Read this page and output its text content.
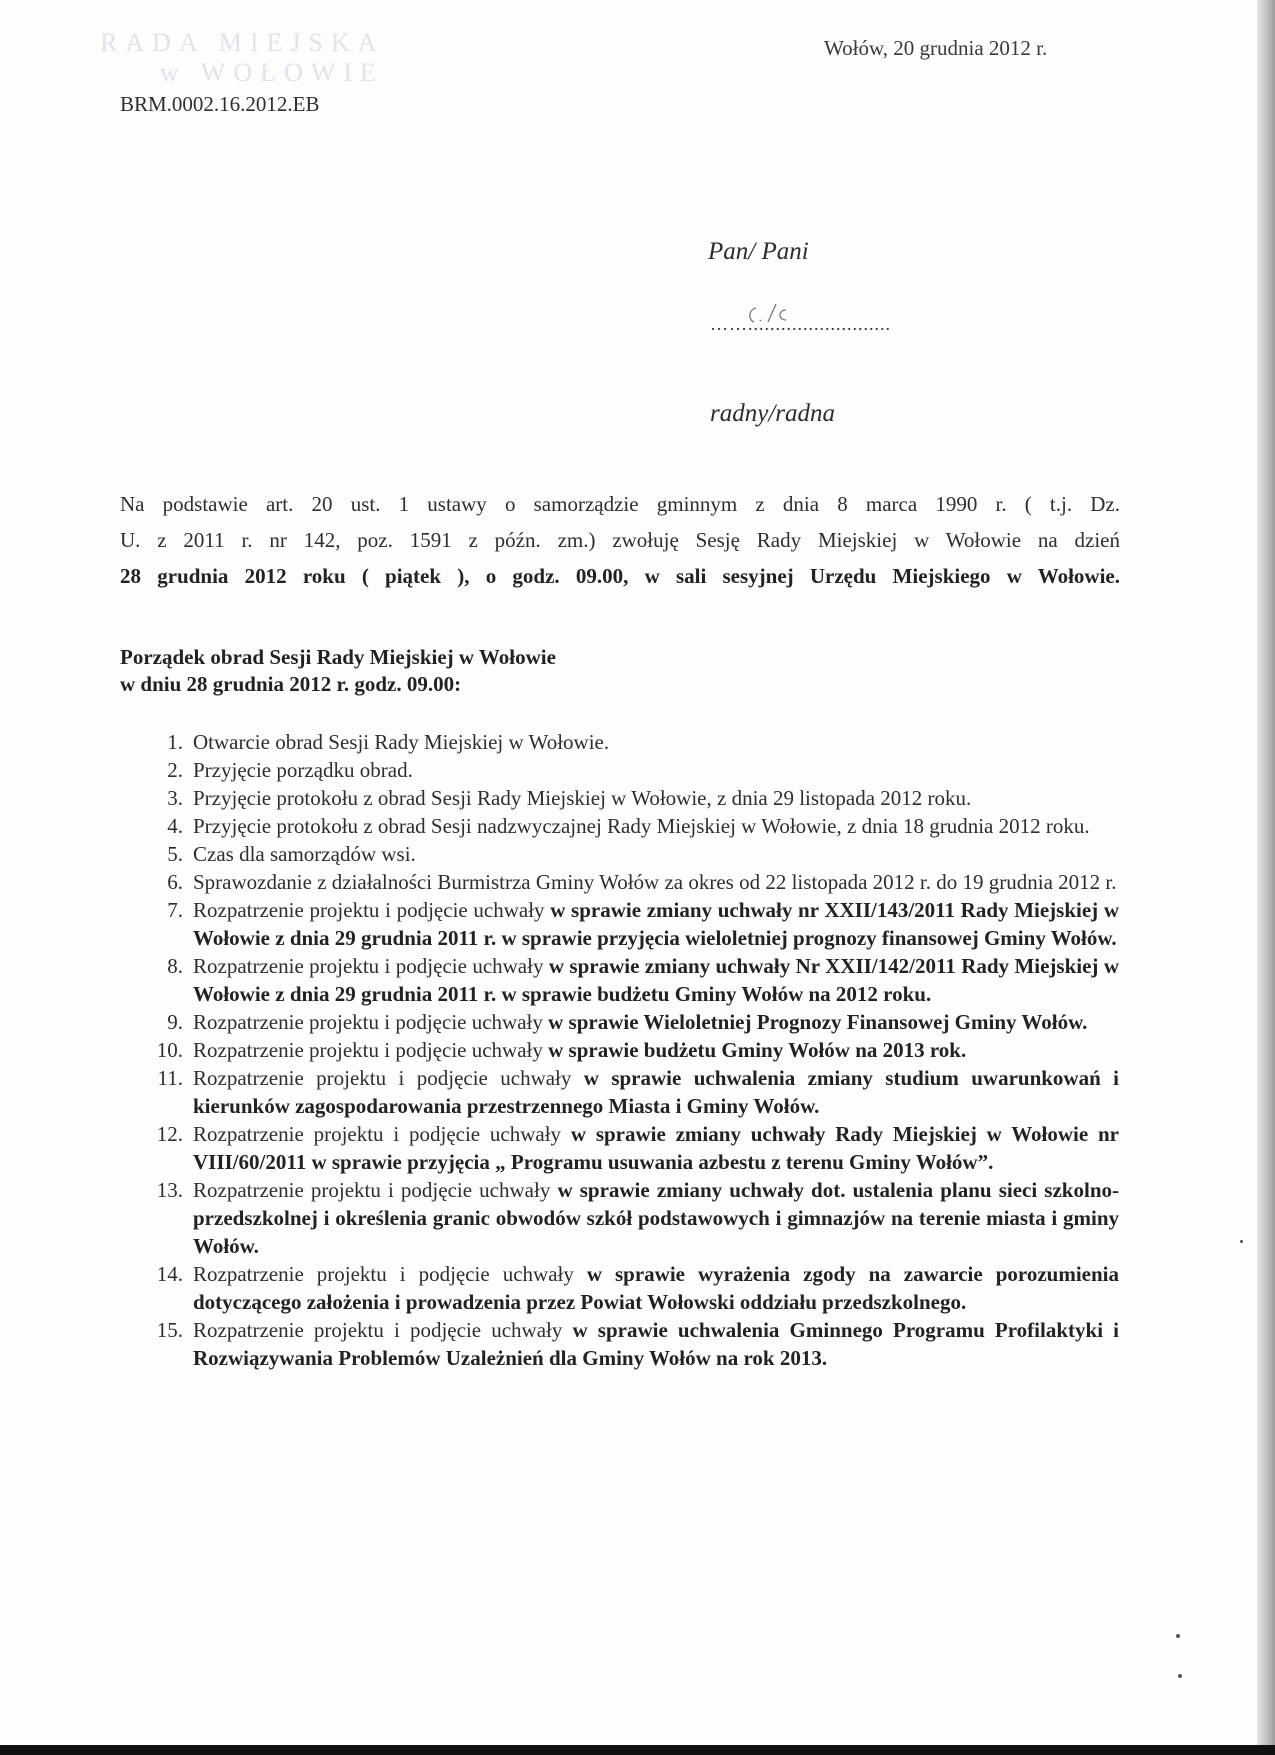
RADA MIEJSKA
w WOŁOWIE
Wołów, 20 grudnia 2012 r.
BRM.0002.16.2012.EB
Pan/ Pani
……..........................
radny/radna
Na podstawie art. 20 ust. 1 ustawy o samorządzie gminnym z dnia 8 marca 1990 r. ( t.j. Dz.
U. z 2011 r. nr 142, poz. 1591 z późn. zm.) zwołuję Sesję Rady Miejskiej w Wołowie na dzień
28 grudnia 2012 roku ( piątek ), o godz. 09.00, w sali sesyjnej Urzędu Miejskiego w Wołowie.
Porządek obrad Sesji Rady Miejskiej w Wołowie
w dniu 28 grudnia 2012 r. godz. 09.00:
1. Otwarcie obrad Sesji Rady Miejskiej w Wołowie.
2. Przyjęcie porządku obrad.
3. Przyjęcie protokołu z obrad Sesji Rady Miejskiej w Wołowie, z dnia 29 listopada 2012 roku.
4. Przyjęcie protokołu z obrad Sesji nadzwyczajnej Rady Miejskiej w Wołowie, z dnia 18 grudnia 2012 roku.
5. Czas dla samorządów wsi.
6. Sprawozdanie z działalności Burmistrza Gminy Wołów za okres od 22 listopada 2012 r. do 19 grudnia 2012 r.
7. Rozpatrzenie projektu i podjęcie uchwały w sprawie zmiany uchwały nr XXII/143/2011 Rady Miejskiej w Wołowie z dnia 29 grudnia 2011 r. w sprawie przyjęcia wieloletniej prognozy finansowej Gminy Wołów.
8. Rozpatrzenie projektu i podjęcie uchwały w sprawie zmiany uchwały Nr XXII/142/2011 Rady Miejskiej w Wołowie z dnia 29 grudnia 2011 r. w sprawie budżetu Gminy Wołów na 2012 roku.
9. Rozpatrzenie projektu i podjęcie uchwały w sprawie Wieloletniej Prognozy Finansowej Gminy Wołów.
10. Rozpatrzenie projektu i podjęcie uchwały w sprawie budżetu Gminy Wołów na 2013 rok.
11. Rozpatrzenie projektu i podjęcie uchwały w sprawie uchwalenia zmiany studium uwarunkowań i kierunków zagospodarowania przestrzennego Miasta i Gminy Wołów.
12. Rozpatrzenie projektu i podjęcie uchwały w sprawie zmiany uchwały Rady Miejskiej w Wołowie nr VIII/60/2011 w sprawie przyjęcia „ Programu usuwania azbestu z terenu Gminy Wołów”.
13. Rozpatrzenie projektu i podjęcie uchwały w sprawie zmiany uchwały dot. ustalenia planu sieci szkolno-przedszkolnej i określenia granic obwodów szkół podstawowych i gimnazjów na terenie miasta i gminy Wołów.
14. Rozpatrzenie projektu i podjęcie uchwały w sprawie wyrażenia zgody na zawarcie porozumienia dotyczącego założenia i prowadzenia przez Powiat Wołowski oddziału przedszkolnego.
15. Rozpatrzenie projektu i podjęcie uchwały w sprawie uchwalenia Gminnego Programu Profilaktyki i Rozwiązywania Problemów Uzależnień dla Gminy Wołów na rok 2013.
